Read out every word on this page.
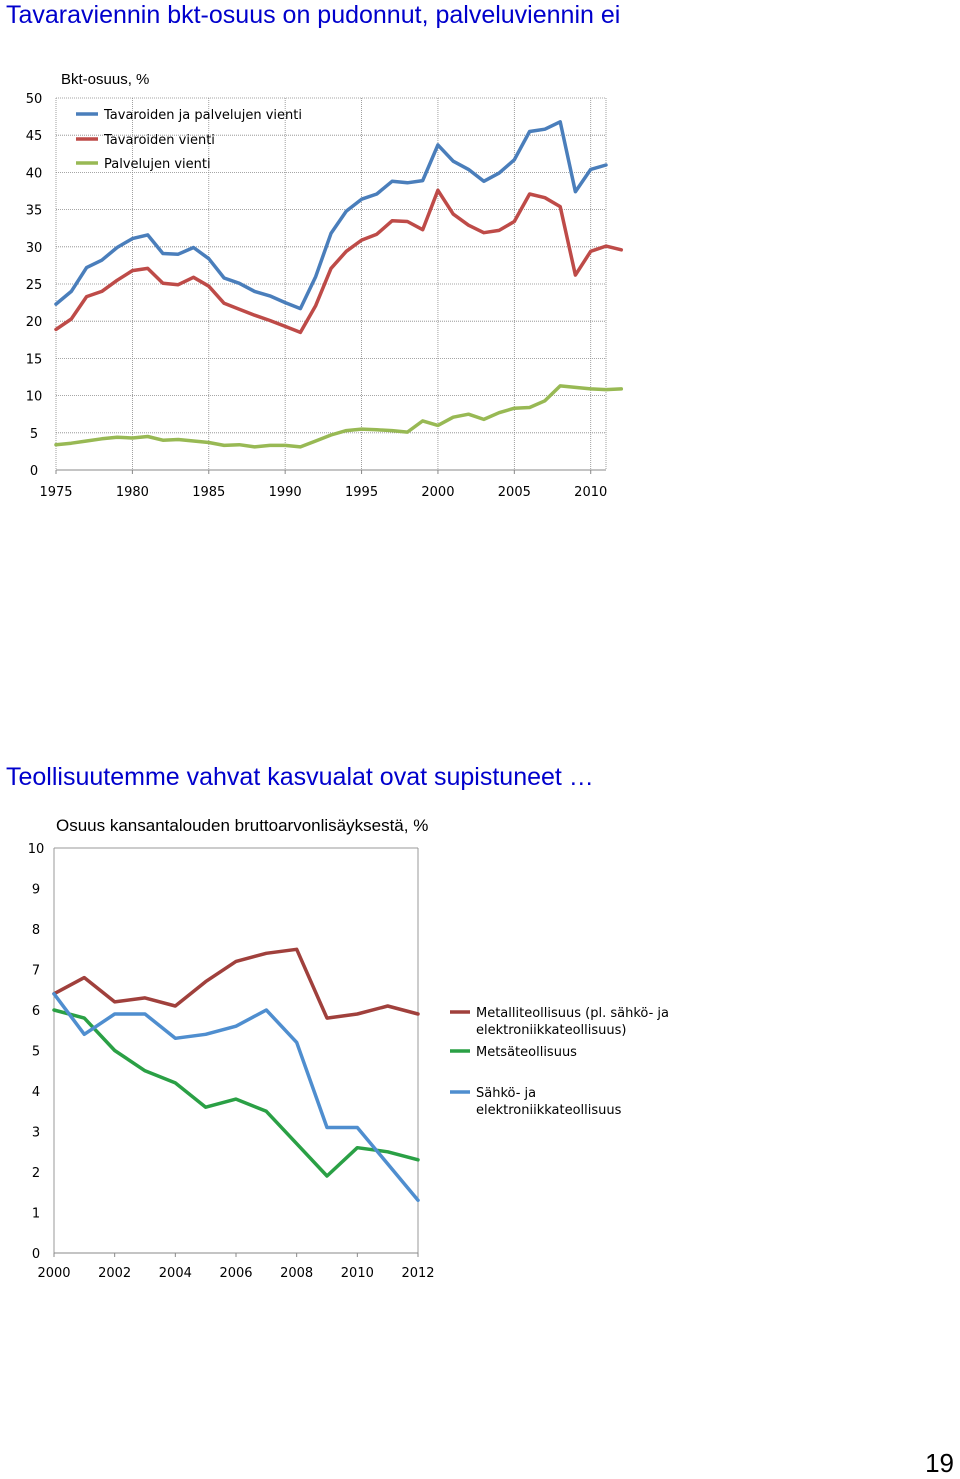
Tavaraviennin bkt-osuus on pudonnut, palveluviennin ei
Bkt-osuus, %
0
5
10
15
20
25
30
35
40
45
50
1975	1980	1985	1990	1995	2000	2005	2010
Tavaroiden ja palvelujen vienti
Tavaroiden vienti
Palvelujen vienti
Teollisuutemme vahvat kasvualat ovat supistuneet …
Osuus kansantalouden bruttoarvonlisäyksestä, %
0
1
2
3
4
5
6
7
8
9
10
2000 2002 2004 2006 2008 2010 2012
Metalliteollisuus (pl. sähkö- ja
elektroniikkateollisuus)
Metsäteollisuus
Sähkö- ja
elektroniikkateollisuus
19
